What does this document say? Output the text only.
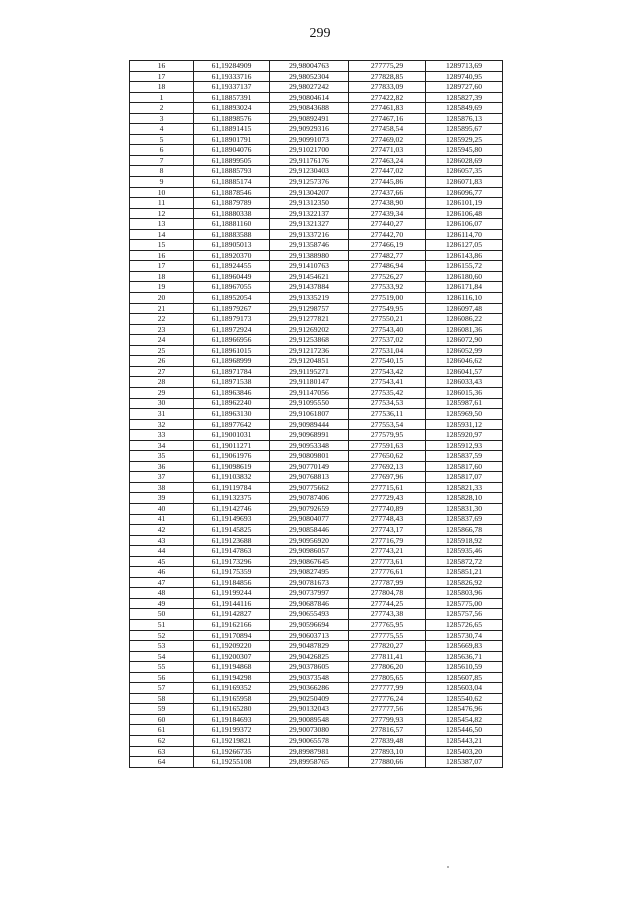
299
16	61,19284909	29,98004763	277775,29	1289713,69
17	61,19333716	29,98052304	277828,85	1289740,95
18	61,19337137	29,98027242	277833,09	1289727,60
1	61,18857391	29,90804614	277422,82	1285827,39
2	61,18893024	29,90843688	277461,83	1285849,69
3	61,18898576	29,90892491	277467,16	1285876,13
4	61,18891415	29,90929316	277458,54	1285895,67
5	61,18901791	29,90991073	277469,02	1285929,25
6	61,18904076	29,91021700	277471,03	1285945,80
7	61,18899505	29,91176176	277463,24	1286028,69
8	61,18885793	29,91230403	277447,02	1286057,35
9	61,18885174	29,91257376	277445,86	1286071,83
10	61,18878546	29,91304207	277437,66	1286096,77
11	61,18879789	29,91312350	277438,90	1286101,19
12	61,18880338	29,91322137	277439,34	1286106,48
13	61,18881160	29,91321327	277440,27	1286106,07
14	61,18883588	29,91337216	277442,70	1286114,70
15	61,18905013	29,91358746	277466,19	1286127,05
16	61,18920370	29,91388980	277482,77	1286143,86
17	61,18924455	29,91410763	277486,94	1286155,72
18	61,18960449	29,91454621	277526,27	1286180,60
19	61,18967055	29,91437884	277533,92	1286171,84
20	61,18952054	29,91335219	277519,00	1286116,10
21	61,18979267	29,91298757	277549,95	1286097,48
22	61,18979173	29,91277821	277550,21	1286086,22
23	61,18972924	29,91269202	277543,40	1286081,36
24	61,18966956	29,91253868	277537,02	1286072,90
25	61,18961015	29,91217236	277531,04	1286052,99
26	61,18968999	29,91204851	277540,15	1286046,62
27	61,18971784	29,91195271	277543,42	1286041,57
28	61,18971538	29,91180147	277543,41	1286033,43
29	61,18963846	29,91147056	277535,42	1286015,36
30	61,18962240	29,91095550	277534,53	1285987,61
31	61,18963130	29,91061807	277536,11	1285969,50
32	61,18977642	29,90989444	277553,54	1285931,12
33	61,19001031	29,90968991	277579,95	1285920,97
34	61,19011271	29,90953348	277591,63	1285912,93
35	61,19061976	29,90809801	277650,62	1285837,59
36	61,19098619	29,90770149	277692,13	1285817,60
37	61,19103832	29,90768813	277697,96	1285817,07
38	61,19119784	29,90775662	277715,61	1285821,33
39	61,19132375	29,90787406	277729,43	1285828,10
40	61,19142746	29,90792659	277740,89	1285831,30
41	61,19149693	29,90804077	277748,43	1285837,69
42	61,19145825	29,90858446	277743,17	1285866,78
43	61,19123688	29,90956920	277716,79	1285918,92
44	61,19147863	29,90986057	277743,21	1285935,46
45	61,19173296	29,90867645	277773,61	1285872,72
46	61,19175359	29,90827495	277776,61	1285851,21
47	61,19184856	29,90781673	277787,99	1285826,92
48	61,19199244	29,90737997	277804,78	1285803,96
49	61,19144116	29,90687846	277744,25	1285775,00
50	61,19142827	29,90655493	277743,38	1285757,56
51	61,19162166	29,90596694	277765,95	1285726,65
52	61,19170894	29,90603713	277775,55	1285730,74
53	61,19209220	29,90487829	277820,27	1285669,83
54	61,19200307	29,90426825	277811,41	1285636,71
55	61,19194868	29,90378605	277806,20	1285610,59
56	61,19194298	29,90373548	277805,65	1285607,85
57	61,19169352	29,90366286	277777,99	1285603,04
58	61,19165958	29,90250409	277776,24	1285540,62
59	61,19165280	29,90132043	277777,56	1285476,96
60	61,19184693	29,90089548	277799,93	1285454,82
61	61,19199372	29,90073080	277816,57	1285446,50
62	61,19219821	29,90065578	277839,48	1285443,21
63	61,19266735	29,89987981	277893,10	1285403,20
64	61,19255108	29,89958765	277880,66	1285387,07
